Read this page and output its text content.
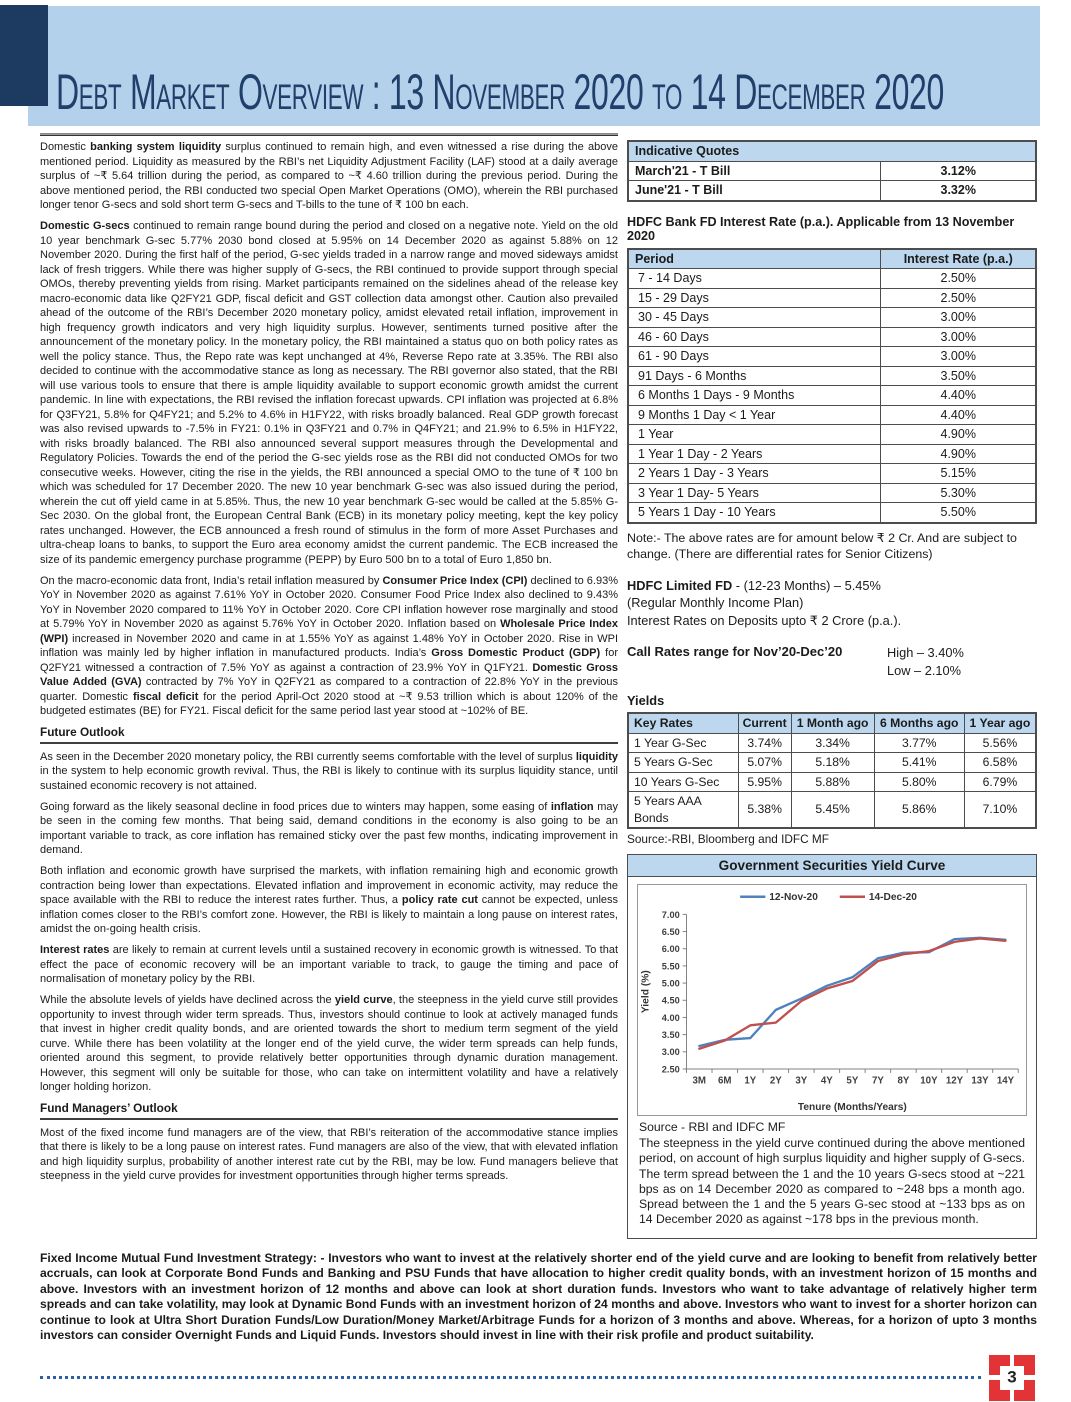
Debt Market Overview : 13 November 2020 to 14 December 2020

Domestic banking system liquidity surplus continued to remain high, and even witnessed a rise during the above mentioned period. Liquidity as measured by the RBI’s net Liquidity Adjustment Facility (LAF) stood at a daily average surplus of ~₹ 5.64 trillion during the period, as compared to ~₹ 4.60 trillion during the previous period. During the above mentioned period, the RBI conducted two special Open Market Operations (OMO), wherein the RBI purchased longer tenor G-secs and sold short term G-secs and T-bills to the tune of ₹ 100 bn each.

Domestic G-secs continued to remain range bound during the period and closed on a negative note. Yield on the old 10 year benchmark G-sec 5.77% 2030 bond closed at 5.95% on 14 December 2020 as against 5.88% on 12 November 2020. During the first half of the period, G-sec yields traded in a narrow range and moved sideways amidst lack of fresh triggers. While there was higher supply of G-secs, the RBI continued to provide support through special OMOs, thereby preventing yields from rising. Market participants remained on the sidelines ahead of the release key macro-economic data like Q2FY21 GDP, fiscal deficit and GST collection data amongst other. Caution also prevailed ahead of the outcome of the RBI’s December 2020 monetary policy, amidst elevated retail inflation, improvement in high frequency growth indicators and very high liquidity surplus. However, sentiments turned positive after the announcement of the monetary policy. In the monetary policy, the RBI maintained a status quo on both policy rates as well the policy stance. Thus, the Repo rate was kept unchanged at 4%, Reverse Repo rate at 3.35%. The RBI also decided to continue with the accommodative stance as long as necessary. The RBI governor also stated, that the RBI will use various tools to ensure that there is ample liquidity available to support economic growth amidst the current pandemic. In line with expectations, the RBI revised the inflation forecast upwards. CPI inflation was projected at 6.8% for Q3FY21, 5.8% for Q4FY21; and 5.2% to 4.6% in H1FY22, with risks broadly balanced. Real GDP growth forecast was also revised upwards to -7.5% in FY21: 0.1% in Q3FY21 and 0.7% in Q4FY21; and 21.9% to 6.5% in H1FY22, with risks broadly balanced. The RBI also announced several support measures through the Developmental and Regulatory Policies. Towards the end of the period the G-sec yields rose as the RBI did not conducted OMOs for two consecutive weeks. However, citing the rise in the yields, the RBI announced a special OMO to the tune of ₹ 100 bn which was scheduled for 17 December 2020. The new 10 year benchmark G-sec was also issued during the period, wherein the cut off yield came in at 5.85%. Thus, the new 10 year benchmark G-sec would be called at the 5.85% G-Sec 2030. On the global front, the European Central Bank (ECB) in its monetary policy meeting, kept the key policy rates unchanged. However, the ECB announced a fresh round of stimulus in the form of more Asset Purchases and ultra-cheap loans to banks, to support the Euro area economy amidst the current pandemic. The ECB increased the size of its pandemic emergency purchase programme (PEPP) by Euro 500 bn to a total of Euro 1,850 bn.

On the macro-economic data front, India’s retail inflation measured by Consumer Price Index (CPI) declined to 6.93% YoY in November 2020 as against 7.61% YoY in October 2020. Consumer Food Price Index also declined to 9.43% YoY in November 2020 compared to 11% YoY in October 2020. Core CPI inflation however rose marginally and stood at 5.79% YoY in November 2020 as against 5.76% YoY in October 2020. Inflation based on Wholesale Price Index (WPI) increased in November 2020 and came in at 1.55% YoY as against 1.48% YoY in October 2020. Rise in WPI inflation was mainly led by higher inflation in manufactured products. India’s Gross Domestic Product (GDP) for Q2FY21 witnessed a contraction of 7.5% YoY as against a contraction of 23.9% YoY in Q1FY21. Domestic Gross Value Added (GVA) contracted by 7% YoY in Q2FY21 as compared to a contraction of 22.8% YoY in the previous quarter. Domestic fiscal deficit for the period April-Oct 2020 stood at ~₹ 9.53 trillion which is about 120% of the budgeted estimates (BE) for FY21. Fiscal deficit for the same period last year stood at ~102% of BE.

Future Outlook

As seen in the December 2020 monetary policy, the RBI currently seems comfortable with the level of surplus liquidity in the system to help economic growth revival. Thus, the RBI is likely to continue with its surplus liquidity stance, until sustained economic recovery is not attained.

Going forward as the likely seasonal decline in food prices due to winters may happen, some easing of inflation may be seen in the coming few months. That being said, demand conditions in the economy is also going to be an important variable to track, as core inflation has remained sticky over the past few months, indicating improvement in demand.

Both inflation and economic growth have surprised the markets, with inflation remaining high and economic growth contraction being lower than expectations. Elevated inflation and improvement in economic activity, may reduce the space available with the RBI to reduce the interest rates further. Thus, a policy rate cut cannot be expected, unless inflation comes closer to the RBI’s comfort zone. However, the RBI is likely to maintain a long pause on interest rates, amidst the on-going health crisis.

Interest rates are likely to remain at current levels until a sustained recovery in economic growth is witnessed. To that effect the pace of economic recovery will be an important variable to track, to gauge the timing and pace of normalisation of monetary policy by the RBI.

While the absolute levels of yields have declined across the yield curve, the steepness in the yield curve still provides opportunity to invest through wider term spreads. Thus, investors should continue to look at actively managed funds that invest in higher credit quality bonds, and are oriented towards the short to medium term segment of the yield curve. While there has been volatility at the longer end of the yield curve, the wider term spreads can help funds, oriented around this segment, to provide relatively better opportunities through dynamic duration management. However, this segment will only be suitable for those, who can take on intermittent volatility and have a relatively longer holding horizon.

Fund Managers’ Outlook

Most of the fixed income fund managers are of the view, that RBI’s reiteration of the accommodative stance implies that there is likely to be a long pause on interest rates. Fund managers are also of the view, that with elevated inflation and high liquidity surplus, probability of another interest rate cut by the RBI, may be low. Fund managers believe that steepness in the yield curve provides for investment opportunities through higher terms spreads.

Indicative Quotes	
March'21 - T Bill	3.12%
June'21 - T Bill	3.32%
HDFC Bank FD Interest Rate (p.a.). Applicable from 13 November 2020
Period	Interest Rate (p.a.)
7 - 14 Days	2.50%
15 - 29 Days	2.50%
30 - 45 Days	3.00%
46 - 60 Days	3.00%
61 - 90 Days	3.00%
91 Days - 6 Months	3.50%
6 Months 1 Days - 9 Months	4.40%
9 Months 1 Day < 1 Year	4.40%
1 Year	4.90%
1 Year 1 Day - 2 Years	4.90%
2 Years 1 Day - 3 Years	5.15%
3 Year 1 Day- 5 Years	5.30%
5 Years 1 Day - 10 Years	5.50%
Note:- The above rates are for amount below ₹ 2 Cr. And are subject to change. (There are differential rates for Senior Citizens)

HDFC Limited FD - (12-23 Months) – 5.45%

(Regular Monthly Income Plan)

Interest Rates on Deposits upto ₹ 2 Crore (p.a.).

Call Rates range for Nov’20-Dec’20	High – 3.40%
Low – 2.10%
Yields
Key Rates	Current	1 Month ago	6 Months ago	1 Year ago
1 Year G-Sec	3.74%	3.34%	3.77%	5.56%
5 Years G-Sec	5.07%	5.18%	5.41%	6.58%
10 Years G-Sec	5.95%	5.88%	5.80%	6.79%
5 Years AAA Bonds	5.38%	5.45%	5.86%	7.10%
Source:-RBI, Bloomberg and IDFC MF
Government Securities Yield Curve
7.00
6.50
6.00
5.50
5.00
4.50
4.00
3.50
3.00
2.50
3M 6M 1Y 2Y 3Y 4Y 5Y 7Y 8Y 10Y 12Y 13Y 14Y
12-Nov-20	14-Dec-20
Tenure (Months/Years)
Yield (%)
Source - RBI and IDFC MF
The steepness in the yield curve continued during the above mentioned period, on account of high surplus liquidity and higher supply of G-secs. The term spread between the 1 and the 10 years G-secs stood at ~221 bps as on 14 December 2020 as compared to ~248 bps a month ago. Spread between the 1 and the 5 years G-sec stood at ~133 bps as on 14 December 2020 as against ~178 bps in the previous month.

Fixed Income Mutual Fund Investment Strategy: - Investors who want to invest at the relatively shorter end of the yield curve and are looking to benefit from relatively better accruals, can look at Corporate Bond Funds and Banking and PSU Funds that have allocation to higher credit quality bonds, with an investment horizon of 15 months and above. Investors with an investment horizon of 12 months and above can look at short duration funds. Investors who want to take advantage of relatively higher term spreads and can take volatility, may look at Dynamic Bond Funds with an investment horizon of 24 months and above. Investors who want to invest for a shorter horizon can continue to look at Ultra Short Duration Funds/Low Duration/Money Market/Arbitrage Funds for a horizon of 3 months and above. Whereas, for a horizon of upto 3 months investors can consider Overnight Funds and Liquid Funds. Investors should invest in line with their risk profile and product suitability.

3
